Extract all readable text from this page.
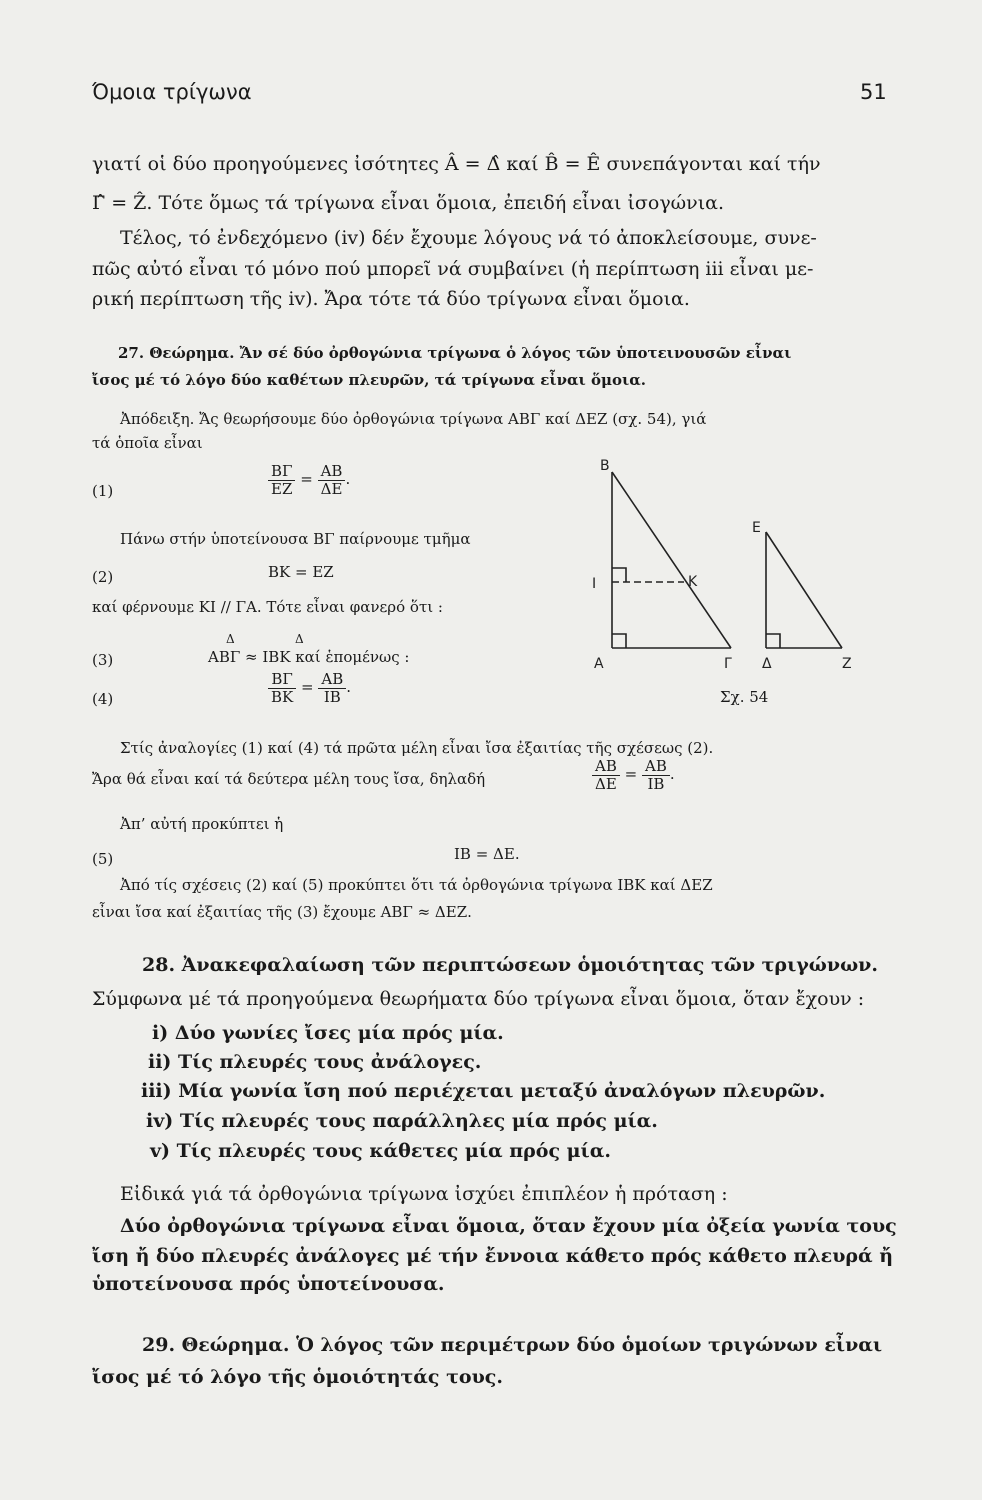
Όμοια τρίγωνα	51
γιατί οἱ δύο προηγούμενες ἰσότητες Â = Δ̂ καί B̂ = Ê συνεπάγονται καί τήν
Γ̂ = Ẑ. Τότε ὅμως τά τρίγωνα εἶναι ὅμοια, ἐπειδή εἶναι ἰσογώνια.
Τέλος, τό ἐνδεχόμενο (iv) δέν ἔχουμε λόγους νά τό ἀποκλείσουμε, συνε-
πῶς αὐτό εἶναι τό μόνο πού μπορεῖ νά συμβαίνει (ἡ περίπτωση iii εἶναι με-
ρική περίπτωση τῆς iv). Ἄρα τότε τά δύο τρίγωνα εἶναι ὅμοια.
27. Θεώρημα. Ἄν σέ δύο ὀρθογώνια τρίγωνα ὁ λόγος τῶν ὑποτεινουσῶν εἶναι
ἴσος μέ τό λόγο δύο καθέτων πλευρῶν, τά τρίγωνα εἶναι ὅμοια.
Ἀπόδειξη. Ἄς θεωρήσουμε δύο ὀρθογώνια τρίγωνα ΑΒΓ καί ΔΕΖ (σχ. 54), γιά
τά ὁποῖα εἶναι
(1)	$\frac{B\Gamma}{EZ} = \frac{AB}{\Delta E}$ .
Πάνω στήν ὑποτείνουσα ΒΓ παίρνουμε τμῆμα
(2)	ΒΚ = ΕΖ
καί φέρνουμε ΚΙ // ΓΑ. Τότε εἶναι φανερό ὅτι :
Δ	Δ
(3)	ΑΒΓ ≈ ΙΒΚ καί ἑπομένως :
(4)	$\frac{B\Gamma}{BK} = \frac{AB}{IB}$ .
B
E
I	K
A	Γ Δ	Z
Σχ. 54
Στίς ἀναλογίες (1) καί (4) τά πρῶτα μέλη εἶναι ἴσα ἐξαιτίας τῆς σχέσεως (2).
Ἄρα θά εἶναι καί τά δεύτερα μέλη τους ἴσα, δηλαδή	$\frac{AB}{\Delta E} = \frac{AB}{IB}$ .
Ἀπ’ αὐτή προκύπτει ἡ
(5)	ΙΒ = ΔΕ.
Ἀπό τίς σχέσεις (2) καί (5) προκύπτει ὅτι τά ὀρθογώνια τρίγωνα ΙΒΚ καί ΔΕΖ
εἶναι ἴσα καί ἐξαιτίας τῆς (3) ἔχουμε ΑΒΓ ≈ ΔΕΖ.
28. Ἀνακεφαλαίωση τῶν περιπτώσεων ὁμοιότητας τῶν τριγώνων.
Σύμφωνα μέ τά προηγούμενα θεωρήματα δύο τρίγωνα εἶναι ὅμοια, ὅταν ἔχουν :
i) Δύο γωνίες ἴσες μία πρός μία.
ii) Τίς πλευρές τους ἀνάλογες.
iii) Μία γωνία ἴση πού περιέχεται μεταξύ ἀναλόγων πλευρῶν.
iv) Τίς πλευρές τους παράλληλες μία πρός μία.
v) Τίς πλευρές τους κάθετες μία πρός μία.
Εἰδικά γιά τά ὀρθογώνια τρίγωνα ἰσχύει ἐπιπλέον ἡ πρόταση :
Δύο ὀρθογώνια τρίγωνα εἶναι ὅμοια, ὅταν ἔχουν μία ὀξεία γωνία τους
ἴση ἤ δύο πλευρές ἀνάλογες μέ τήν ἔννοια κάθετο πρός κάθετο πλευρά ἤ
ὑποτείνουσα πρός ὑποτείνουσα.
29. Θεώρημα. Ὁ λόγος τῶν περιμέτρων δύο ὁμοίων τριγώνων εἶναι
ἴσος μέ τό λόγο τῆς ὁμοιότητάς τους.
